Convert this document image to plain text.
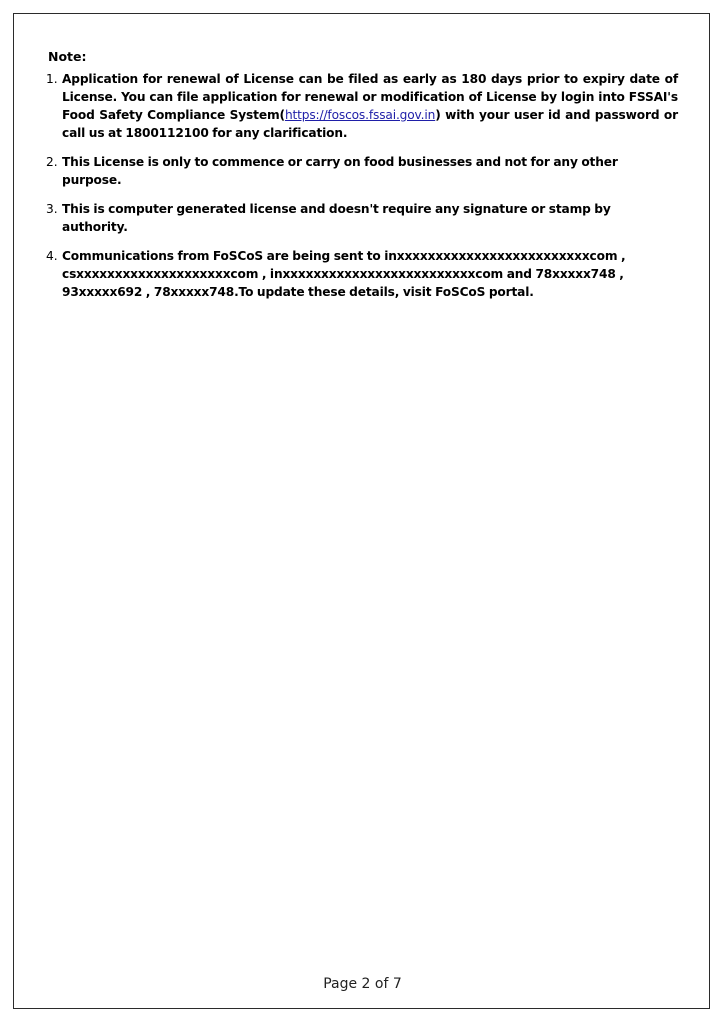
Note:

1. Application for renewal of License can be filed as early as 180 days prior to expiry date of License. You can file application for renewal or modification of License by login into FSSAI's Food Safety Compliance System(https://foscos.fssai.gov.in) with your user id and password or call us at 1800112100 for any clarification.
2. This License is only to commence or carry on food businesses and not for any other purpose.
3. This is computer generated license and doesn't require any signature or stamp by authority.
4. Communications from FoSCoS are being sent to inxxxxxxxxxxxxxxxxxxxxxxxxxcom , csxxxxxxxxxxxxxxxxxxxxcom , inxxxxxxxxxxxxxxxxxxxxxxxxxcom and 78xxxxx748 , 93xxxxx692 , 78xxxxx748.To update these details, visit FoSCoS portal.
Page 2 of 7
